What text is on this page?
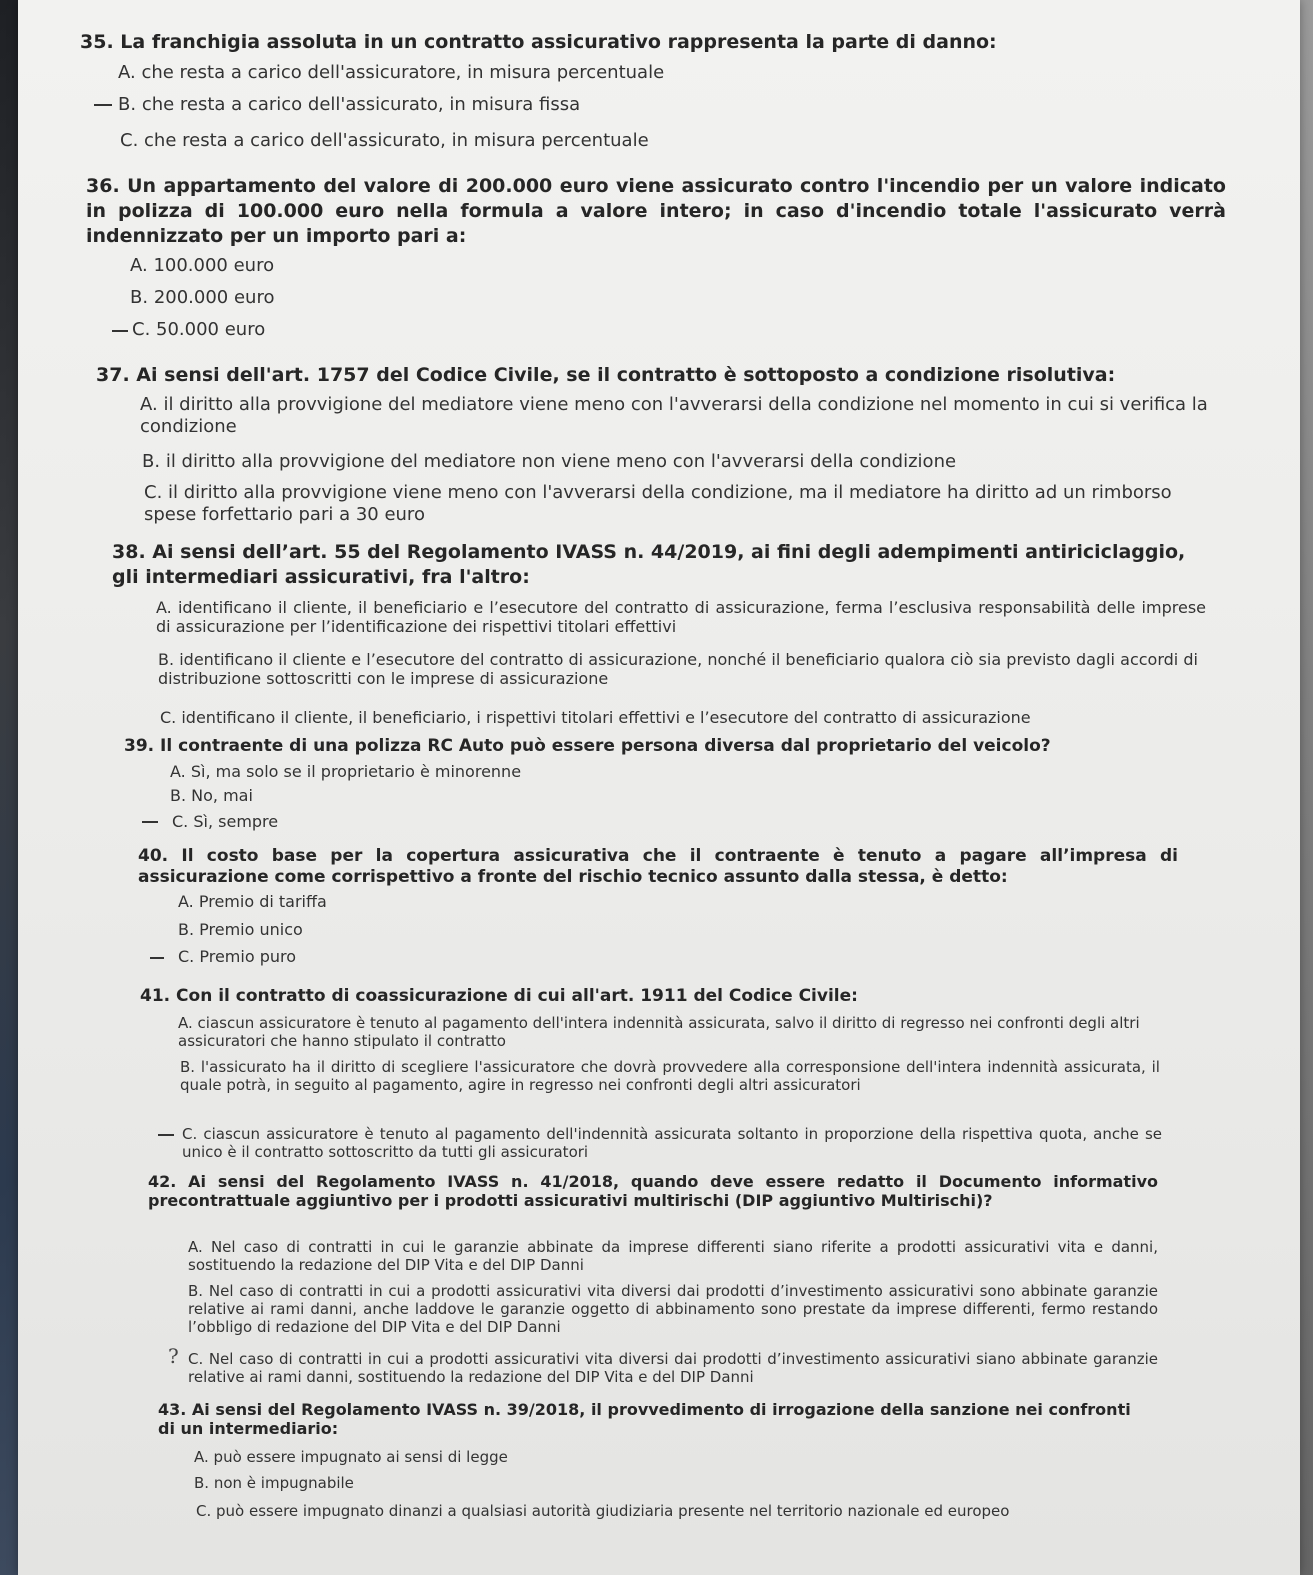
35. La franchigia assoluta in un contratto assicurativo rappresenta la parte di danno:
A. che resta a carico dell'assicuratore, in misura percentuale
B. che resta a carico dell'assicurato, in misura fissa
C. che resta a carico dell'assicurato, in misura percentuale
36. Un appartamento del valore di 200.000 euro viene assicurato contro l'incendio per un valore indicato in polizza di 100.000 euro nella formula a valore intero; in caso d'incendio totale l'assicurato verrà indennizzato per un importo pari a:
A. 100.000 euro
B. 200.000 euro
C. 50.000 euro
37. Ai sensi dell'art. 1757 del Codice Civile, se il contratto è sottoposto a condizione risolutiva:
A. il diritto alla provvigione del mediatore viene meno con l'avverarsi della condizione nel momento in cui si verifica la condizione
B. il diritto alla provvigione del mediatore non viene meno con l'avverarsi della condizione
C. il diritto alla provvigione viene meno con l'avverarsi della condizione, ma il mediatore ha diritto ad un rimborso spese forfettario pari a 30 euro
38. Ai sensi dell’art. 55 del Regolamento IVASS n. 44/2019, ai fini degli adempimenti antiriciclaggio, gli intermediari assicurativi, fra l'altro:
A. identificano il cliente, il beneficiario e l’esecutore del contratto di assicurazione, ferma l’esclusiva responsabilità delle imprese di assicurazione per l’identificazione dei rispettivi titolari effettivi
B. identificano il cliente e l’esecutore del contratto di assicurazione, nonché il beneficiario qualora ciò sia previsto dagli accordi di distribuzione sottoscritti con le imprese di assicurazione
C. identificano il cliente, il beneficiario, i rispettivi titolari effettivi e l’esecutore del contratto di assicurazione
39. Il contraente di una polizza RC Auto può essere persona diversa dal proprietario del veicolo?
A. Sì, ma solo se il proprietario è minorenne
B. No, mai
C. Sì, sempre
40. Il costo base per la copertura assicurativa che il contraente è tenuto a pagare all’impresa di assicurazione come corrispettivo a fronte del rischio tecnico assunto dalla stessa, è detto:
A. Premio di tariffa
B. Premio unico
C. Premio puro
41. Con il contratto di coassicurazione di cui all'art. 1911 del Codice Civile:
A. ciascun assicuratore è tenuto al pagamento dell'intera indennità assicurata, salvo il diritto di regresso nei confronti degli altri assicuratori che hanno stipulato il contratto
B. l'assicurato ha il diritto di scegliere l'assicuratore che dovrà provvedere alla corresponsione dell'intera indennità assicurata, il quale potrà, in seguito al pagamento, agire in regresso nei confronti degli altri assicuratori
C. ciascun assicuratore è tenuto al pagamento dell'indennità assicurata soltanto in proporzione della rispettiva quota, anche se unico è il contratto sottoscritto da tutti gli assicuratori
42. Ai sensi del Regolamento IVASS n. 41/2018, quando deve essere redatto il Documento informativo precontrattuale aggiuntivo per i prodotti assicurativi multirischi (DIP aggiuntivo Multirischi)?
A. Nel caso di contratti in cui le garanzie abbinate da imprese differenti siano riferite a prodotti assicurativi vita e danni, sostituendo la redazione del DIP Vita e del DIP Danni
B. Nel caso di contratti in cui a prodotti assicurativi vita diversi dai prodotti d’investimento assicurativi sono abbinate garanzie relative ai rami danni, anche laddove le garanzie oggetto di abbinamento sono prestate da imprese differenti, fermo restando l’obbligo di redazione del DIP Vita e del DIP Danni
? C. Nel caso di contratti in cui a prodotti assicurativi vita diversi dai prodotti d’investimento assicurativi siano abbinate garanzie relative ai rami danni, sostituendo la redazione del DIP Vita e del DIP Danni
43. Ai sensi del Regolamento IVASS n. 39/2018, il provvedimento di irrogazione della sanzione nei confronti di un intermediario:
A. può essere impugnato ai sensi di legge
B. non è impugnabile
C. può essere impugnato dinanzi a qualsiasi autorità giudiziaria presente nel territorio nazionale ed europeo
